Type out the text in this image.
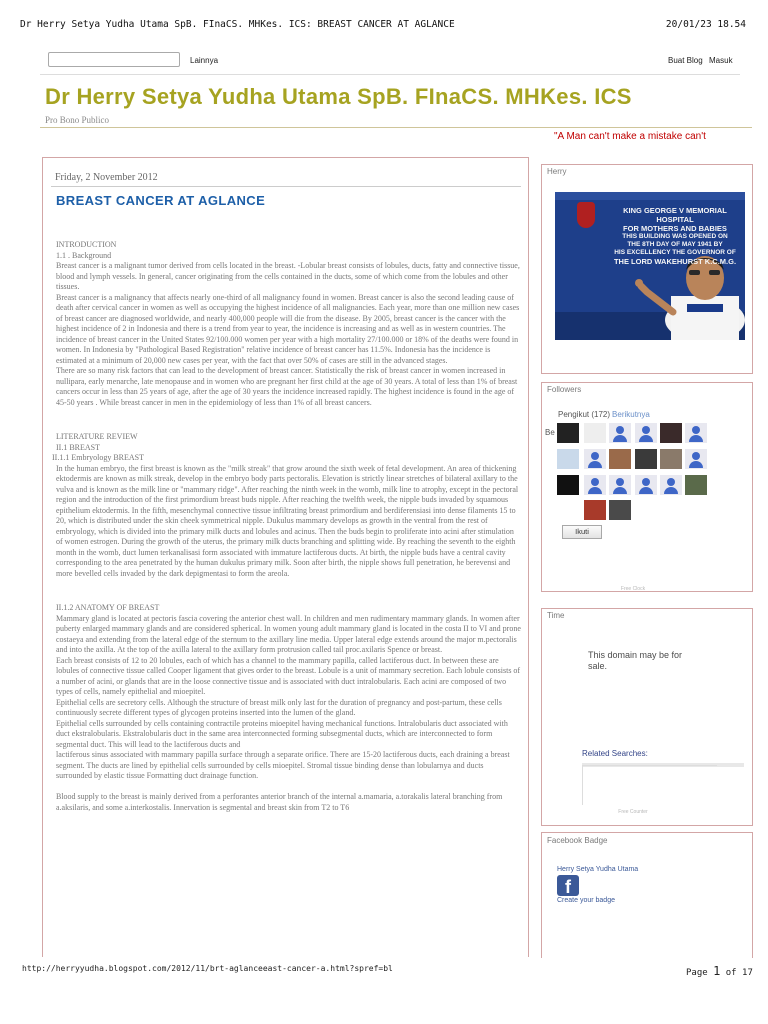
Dr Herry Setya Yudha Utama SpB. FInaCS. MHKes. ICS: BREAST CANCER AT AGLANCE	20/01/23 18.54
Lainnya	Buat Blog Masuk
Dr Herry Setya Yudha Utama SpB. FInaCS. MHKes. ICS
Pro Bono Publico
"A Man can't make a mistake can't
Friday, 2 November 2012
BREAST CANCER AT AGLANCE

INTRODUCTION

1.1 . Background

Breast cancer is a malignant tumor derived from cells located in the breast. -Lobular breast consists of lobules, ducts, fatty and connective tissue, blood and lymph vessels. In general, cancer originating from the cells contained in the ducts, some of which come from the lobules and other tissues.

Breast cancer is a malignancy that affects nearly one-third of all malignancy found in women. Breast cancer is also the second leading cause of death after cervical cancer in women as well as occupying the highest incidence of all malignancies. Each year, more than one million new cases of breast cancer are diagnosed worldwide, and nearly 400,000 people will die from the disease. By 2005, breast cancer is the cancer with the highest incidence of 2 in Indonesia and there is a trend from year to year, the incidence is increasing and as well as in western countries. The incidence of breast cancer in the United States 92/100.000 women per year with a high mortality 27/100.000 or 18% of the deaths were found in women. In Indonesia by "Pathological Based Registration" relative incidence of breast cancer has 11.5%. Indonesia has the incidence is estimated at a minimum of 20,000 new cases per year, with the fact that over 50% of cases are still in the advanced stages.

There are so many risk factors that can lead to the development of breast cancer. Statistically the risk of breast cancer in women increased in nullipara, early menarche, late menopause and in women who are pregnant her first child at the age of 30 years. A total of less than 1% of breast cancers occur in less than 25 years of age, after the age of 30 years the incidence increased rapidly. The highest incidence is found in the age of 45-50 years . While breast cancer in men in the epidemiology of less than 1% of all breast cancers.

LITERATURE REVIEW

II.1 BREAST

II.1.1 Embryology BREAST

In the human embryo, the first breast is known as the "milk streak" that grow around the sixth week of fetal development. An area of thickening ektodermis are known as milk streak, develop in the embryo body parts pectoralis. Elevation is strictly linear stretches of bilateral axillary to the vulva and is known as the milk line or "mammary ridge". After reaching the ninth week in the womb, milk line to atrophy, except in the pectoral region and the introduction of the first primordium breast buds nipple. After reaching the twelfth week, the nipple buds invaded by squamous epithelium ektodermis. In the fifth, mesenchymal connective tissue infiltrating breast primordium and berdiferensiasi into dense filaments 15 to 20, which is distributed under the skin cheek symmetrical nipple. Dukulus mammary develops as growth in the ventral from the rest of embryology, which is divided into the primary milk ducts and lobules and acinus. Then the buds begin to proliferate into acini after stimulation of women estrogen. During the growth of the uterus, the primary milk ducts branching and splitting wide. By reaching the seventh to the eighth month in the womb, duct lumen terkanalisasi form associated with immature lactiferous ducts. At birth, the nipple buds have a central cavity corresponding to the area penetrated by the human dukulus primary milk. Soon after birth, the nipple shows full penetration, he berevensi and more bevelled cells invaded by the dark depigmentasi to form the areola.

II.1.2 ANATOMY OF BREAST

Mammary gland is located at pectoris fascia covering the anterior chest wall. In children and men rudimentary mammary glands. In women after puberty enlarged mammary glands and are considered spherical. In women young adult mammary gland is located in the costa II to VI and prone costaeya and extending from the lateral edge of the sternum to the axillary line media. Upper lateral edge extends around the major m.pectoralis and into the axilla. At the top of the axilla lateral to the axillary form protrusion called tail proc.axilaris Spence or breast.

Each breast consists of 12 to 20 lobules, each of which has a channel to the mammary papilla, called lactiferous duct. In between these are lobules of connective tissue called Cooper ligament that gives order to the breast. Lobule is a unit of mammary secretion. Each lobule consists of a number of acini, or glands that are in the loose connective tissue and is associated with duct intralobularis. Each acini are composed of two types of cells, namely epithelial and mioepitel.

Epithelial cells are secretory cells. Although the structure of breast milk only last for the duration of pregnancy and post-partum, these cells continuously secrete different types of glycogen proteins inserted into the lumen of the gland.

Epithelial cells surrounded by cells containing contractile proteins mioepitel having mechanical functions. Intralobularis duct associated with duct ekstralobularis. Ekstralobularis duct in the same area interconnected forming subsegmental ducts, which are interconnected to form segmental duct. This will lead to the lactiferous ducts and

lactiferous sinus associated with mammary papilla surface through a separate orifice. There are 15-20 lactiferous ducts, each draining a breast segment. The ducts are lined by epithelial cells surrounded by cells mioepitel. Stromal tissue binding dense than lobularnya and ducts surrounded by elastic tissue Formatting duct drainage function.

Blood supply to the breast is mainly derived from a perforantes anterior branch of the internal a.mamaria, a.torakalis lateral branching from a.aksilaris, and some a.interkostalis. Innervation is segmental and breast skin from T2 to T6

Herry
KING GEORGE V MEMORIAL HOSPITAL
FOR MOTHERS AND BABIES
THIS BUILDING WAS OPENED ON
THE 8TH DAY OF MAY 1941 BY
HIS EXCELLENCY THE GOVERNOR OF
THE LORD WAKEHURST K.C.M.G.
Followers
Pengikut (172) Berikutnya
Be
Ikuti
Free Clock
Time
This domain may be for sale.
Related Searches:
Free Counter
Facebook Badge
Herry Setya Yudha Utama
f
Create your badge
http://herryyudha.blogspot.com/2012/11/brt-aglanceeast-cancer-a.html?spref=bl	Page 1 of 17
